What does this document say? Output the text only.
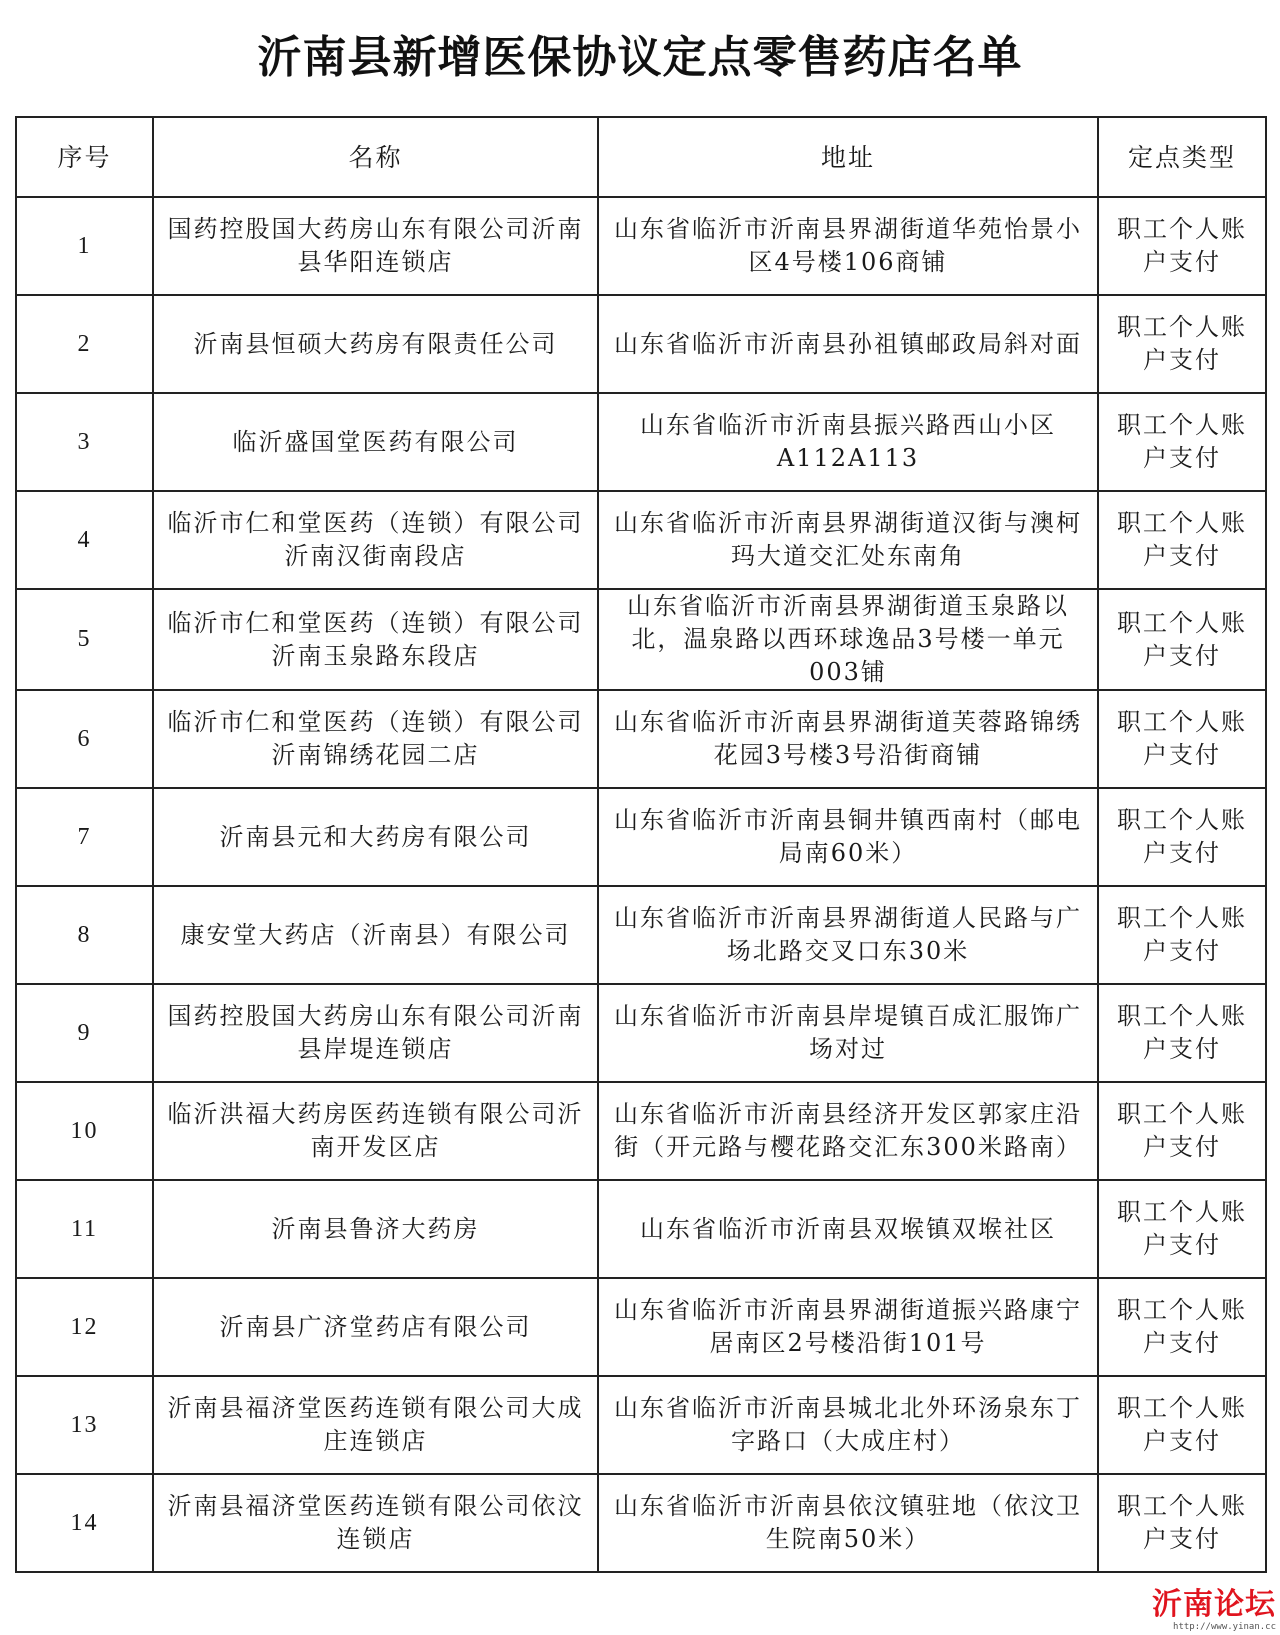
沂南县新增医保协议定点零售药店名单
序号	名称	地址	定点类型
1	国药控股国大药房山东有限公司沂南县华阳连锁店	山东省临沂市沂南县界湖街道华苑怡景小区4号楼106商铺	职工个人账户支付
2	沂南县恒硕大药房有限责任公司	山东省临沂市沂南县孙祖镇邮政局斜对面	职工个人账户支付
3	临沂盛国堂医药有限公司	山东省临沂市沂南县振兴路西山小区A112A113	职工个人账户支付
4	临沂市仁和堂医药（连锁）有限公司沂南汉街南段店	山东省临沂市沂南县界湖街道汉街与澳柯玛大道交汇处东南角	职工个人账户支付
5	临沂市仁和堂医药（连锁）有限公司沂南玉泉路东段店	山东省临沂市沂南县界湖街道玉泉路以北，温泉路以西环球逸品3号楼一单元003铺	职工个人账户支付
6	临沂市仁和堂医药（连锁）有限公司沂南锦绣花园二店	山东省临沂市沂南县界湖街道芙蓉路锦绣花园3号楼3号沿街商铺	职工个人账户支付
7	沂南县元和大药房有限公司	山东省临沂市沂南县铜井镇西南村（邮电局南60米）	职工个人账户支付
8	康安堂大药店（沂南县）有限公司	山东省临沂市沂南县界湖街道人民路与广场北路交叉口东30米	职工个人账户支付
9	国药控股国大药房山东有限公司沂南县岸堤连锁店	山东省临沂市沂南县岸堤镇百成汇服饰广场对过	职工个人账户支付
10	临沂洪福大药房医药连锁有限公司沂南开发区店	山东省临沂市沂南县经济开发区郭家庄沿街（开元路与樱花路交汇东300米路南）	职工个人账户支付
11	沂南县鲁济大药房	山东省临沂市沂南县双堠镇双堠社区	职工个人账户支付
12	沂南县广济堂药店有限公司	山东省临沂市沂南县界湖街道振兴路康宁居南区2号楼沿街101号	职工个人账户支付
13	沂南县福济堂医药连锁有限公司大成庄连锁店	山东省临沂市沂南县城北北外环汤泉东丁字路口（大成庄村）	职工个人账户支付
14	沂南县福济堂医药连锁有限公司依汶连锁店	山东省临沂市沂南县依汶镇驻地（依汶卫生院南50米）	职工个人账户支付
沂南论坛
http://www.yinan.cc
